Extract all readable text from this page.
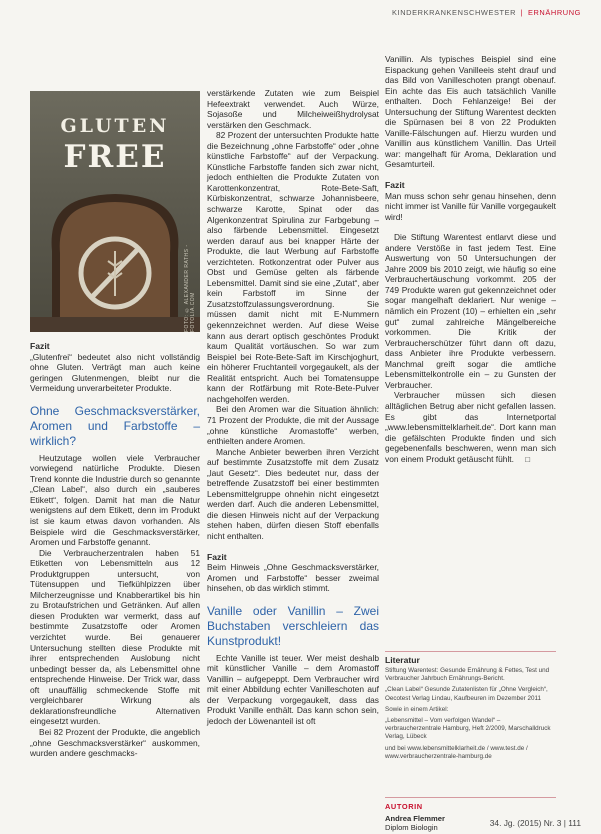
KINDERKRANKENSCHWESTER | ERNÄHRUNG
GLUTEN
FREE
FOTO: © ALEXANDER RATHS - FOTOLIA.COM

Fazit

„Glutenfrei“ bedeutet also nicht vollständig ohne Gluten. Verträgt man auch keine geringen Glutenmengen, bleibt nur die Vermeidung unverarbeiteter Produkte.

Ohne Geschmacksverstärker, Aromen und Farbstoffe – wirklich?

Heutzutage wollen viele Verbraucher vorwiegend natürliche Produkte. Diesen Trend konnte die Industrie durch so genannte „Clean Label“, also durch ein „sauberes Etikett“, folgen. Damit hat man die Natur wenigstens auf dem Etikett, denn im Produkt ist sie kaum etwas davon vorhanden. Als Beispiele wird die Geschmacksverstärker, Aromen und Farbstoffe genannt.

Die Verbraucherzentralen haben 51 Etiketten von Lebensmitteln aus 12 Produktgruppen untersucht, von Tütensuppen und Tiefkühlpizzen über Milcherzeugnisse und Knabberartikel bis hin zu Brotaufstrichen und Getränken. Auf allen diesen Produkten war vermerkt, dass auf bestimmte Zusatzstoffe oder Aromen verzichtet wurde. Bei genauerer Untersuchung stellten diese Produkte mit ihrer entsprechenden Auslobung nicht unbedingt besser da, als Lebensmittel ohne entsprechende Hinweise. Der Trick war, dass oft unauffällig schmeckende Stoffe mit vergleichbarer Wirkung als deklarationsfreundliche Alternativen eingesetzt wurden.

Bei 82 Prozent der Produkte, die angeblich „ohne Geschmacksverstärker“ auskommen, wurden andere geschmacks-

verstärkende Zutaten wie zum Beispiel Hefeextrakt verwendet. Auch Würze, Sojasoße und Milcheiweißhydrolysat verstärken den Geschmack.

82 Prozent der untersuchten Produkte hatte die Bezeichnung „ohne Farbstoffe“ oder „ohne künstliche Farbstoffe“ auf der Verpackung. Künstliche Farbstoffe fanden sich zwar nicht, jedoch enthielten die Produkte Zutaten von Karottenkonzentrat, Rote-Bete-Saft, Kürbiskonzentrat, schwarze Johannisbeere, schwarze Karotte, Spinat oder das Algenkonzentrat Spirulina zur Farbgebung – also färbende Lebensmittel. Eingesetzt werden darauf aus bei knapper Härte der Produkte, die laut Werbung auf Farbstoffe verzichteten. Rotkonzentrat oder Pulver aus Obst und Gemüse gelten als färbende Lebensmittel. Damit sind sie eine „Zutat“, aber kein Farbstoff im Sinne der Zusatzstoffzulassungsverordnung. Sie müssen damit nicht mit E-Nummern gekennzeichnet werden. Auf diese Weise kann aus derart optisch geschöntes Produkt kaum Qualität vortäuschen. So war zum Beispiel bei Rote-Bete-Saft im Kirschjoghurt, ein höherer Fruchtanteil vorgegaukelt, als der Realität entspricht. Auch bei Tomatensuppe kann der Rotfärbung mit Rote-Bete-Pulver nachgeholfen werden.

Bei den Aromen war die Situation ähnlich: 71 Prozent der Produkte, die mit der Aussage „ohne künstliche Aromastoffe“ werben, enthielten andere Aromen.

Manche Anbieter bewerben ihren Verzicht auf bestimmte Zusatzstoffe mit dem Zusatz „laut Gesetz“. Dies bedeutet nur, dass der betreffende Zusatzstoff bei einer bestimmten Lebensmittelgruppe ohnehin nicht eingesetzt werden darf. Auch die anderen Lebensmittel, die diesen Hinweis nicht auf der Verpackung stehen haben, dürfen diesen Stoff ebenfalls nicht enthalten.

Fazit

Beim Hinweis „Ohne Geschmacksverstärker, Aromen und Farbstoffe“ besser zweimal hinsehen, ob das wirklich stimmt.

Vanille oder Vanillin – Zwei Buchstaben verschleiern das Kunstprodukt!

Echte Vanille ist teuer. Wer meist deshalb mit künstlicher Vanille – dem Aromastoff Vanillin – aufgepeppt. Dem Verbraucher wird mit einer Abbildung echter Vanilleschoten auf der Verpackung vorgegaukelt, dass das Produkt Vanille enthält. Das kann schon sein, jedoch der Löwenanteil ist oft

Vanillin. Als typisches Beispiel sind eine Eispackung gehen Vanilleeis steht drauf und das Bild von Vanilleschoten prangt obenauf. Ein achte das Eis auch tatsächlich Vanille enthalten. Doch Fehlanzeige! Bei der Untersuchung der Stiftung Warentest deckten die Spürnasen bei 8 von 22 Produkten Vanille-Fälschungen auf. Hierzu wurden und Vanillin aus künstlichem Vanillin. Das Urteil war: mangelhaft für Aroma, Deklaration und Gesamturteil.

Fazit

Man muss schon sehr genau hinsehen, denn nicht immer ist Vanille für Vanille vorgegaukelt wird!

Die Stiftung Warentest entlarvt diese und andere Verstöße in fast jedem Test. Eine Auswertung von 50 Untersuchungen der Jahre 2009 bis 2010 zeigt, wie häufig so eine Verbrauchertäuschung vorkommt. 205 der 749 Produkte waren gut gekennzeichnet oder sogar mangelhaft deklariert. Nur wenige – nämlich ein Prozent (10) – erhielten ein „sehr gut“ zumal zahlreiche Mängelbereiche vorkommen. Die Kritik der Verbraucherschützer führt dann oft dazu, dass Anbieter ihre Produkte verbessern. Manchmal greift sogar die amtliche Lebensmittelkontrolle ein – zu Gunsten der Verbraucher.

Verbraucher müssen sich diesen alltäglichen Betrug aber nicht gefallen lassen. Es gibt das Internetportal „www.lebensmittelklarheit.de“. Dort kann man die gefälschten Produkte finden und sich gegebenenfalls beschweren, wenn man sich von einem Produkt getäuscht fühlt. □

Literatur

Stiftung Warentest: Gesunde Ernährung & Fettes, Test und Verbraucher Jahrbuch Ernährungs-Bericht.

„Clean Label“ Gesunde Zutatenlisten für „Ohne Vergleich“, Oecotest Verlag Lindau, Kaufbeuren im Dezember 2011

Sowie in einem Artikel:

„Lebensmittel – Vom verfolgen Wandel“ – verbraucherzentrale Hamburg, Heft 2/2009, Marschalldruck Verlag, Lübeck

und bei www.lebensmittelklarheit.de / www.test.de / www.verbraucherzentrale-hamburg.de

AUTORIN
Andrea Flemmer
Diplom Biologin	34. Jg. (2015) Nr. 3 | 111
